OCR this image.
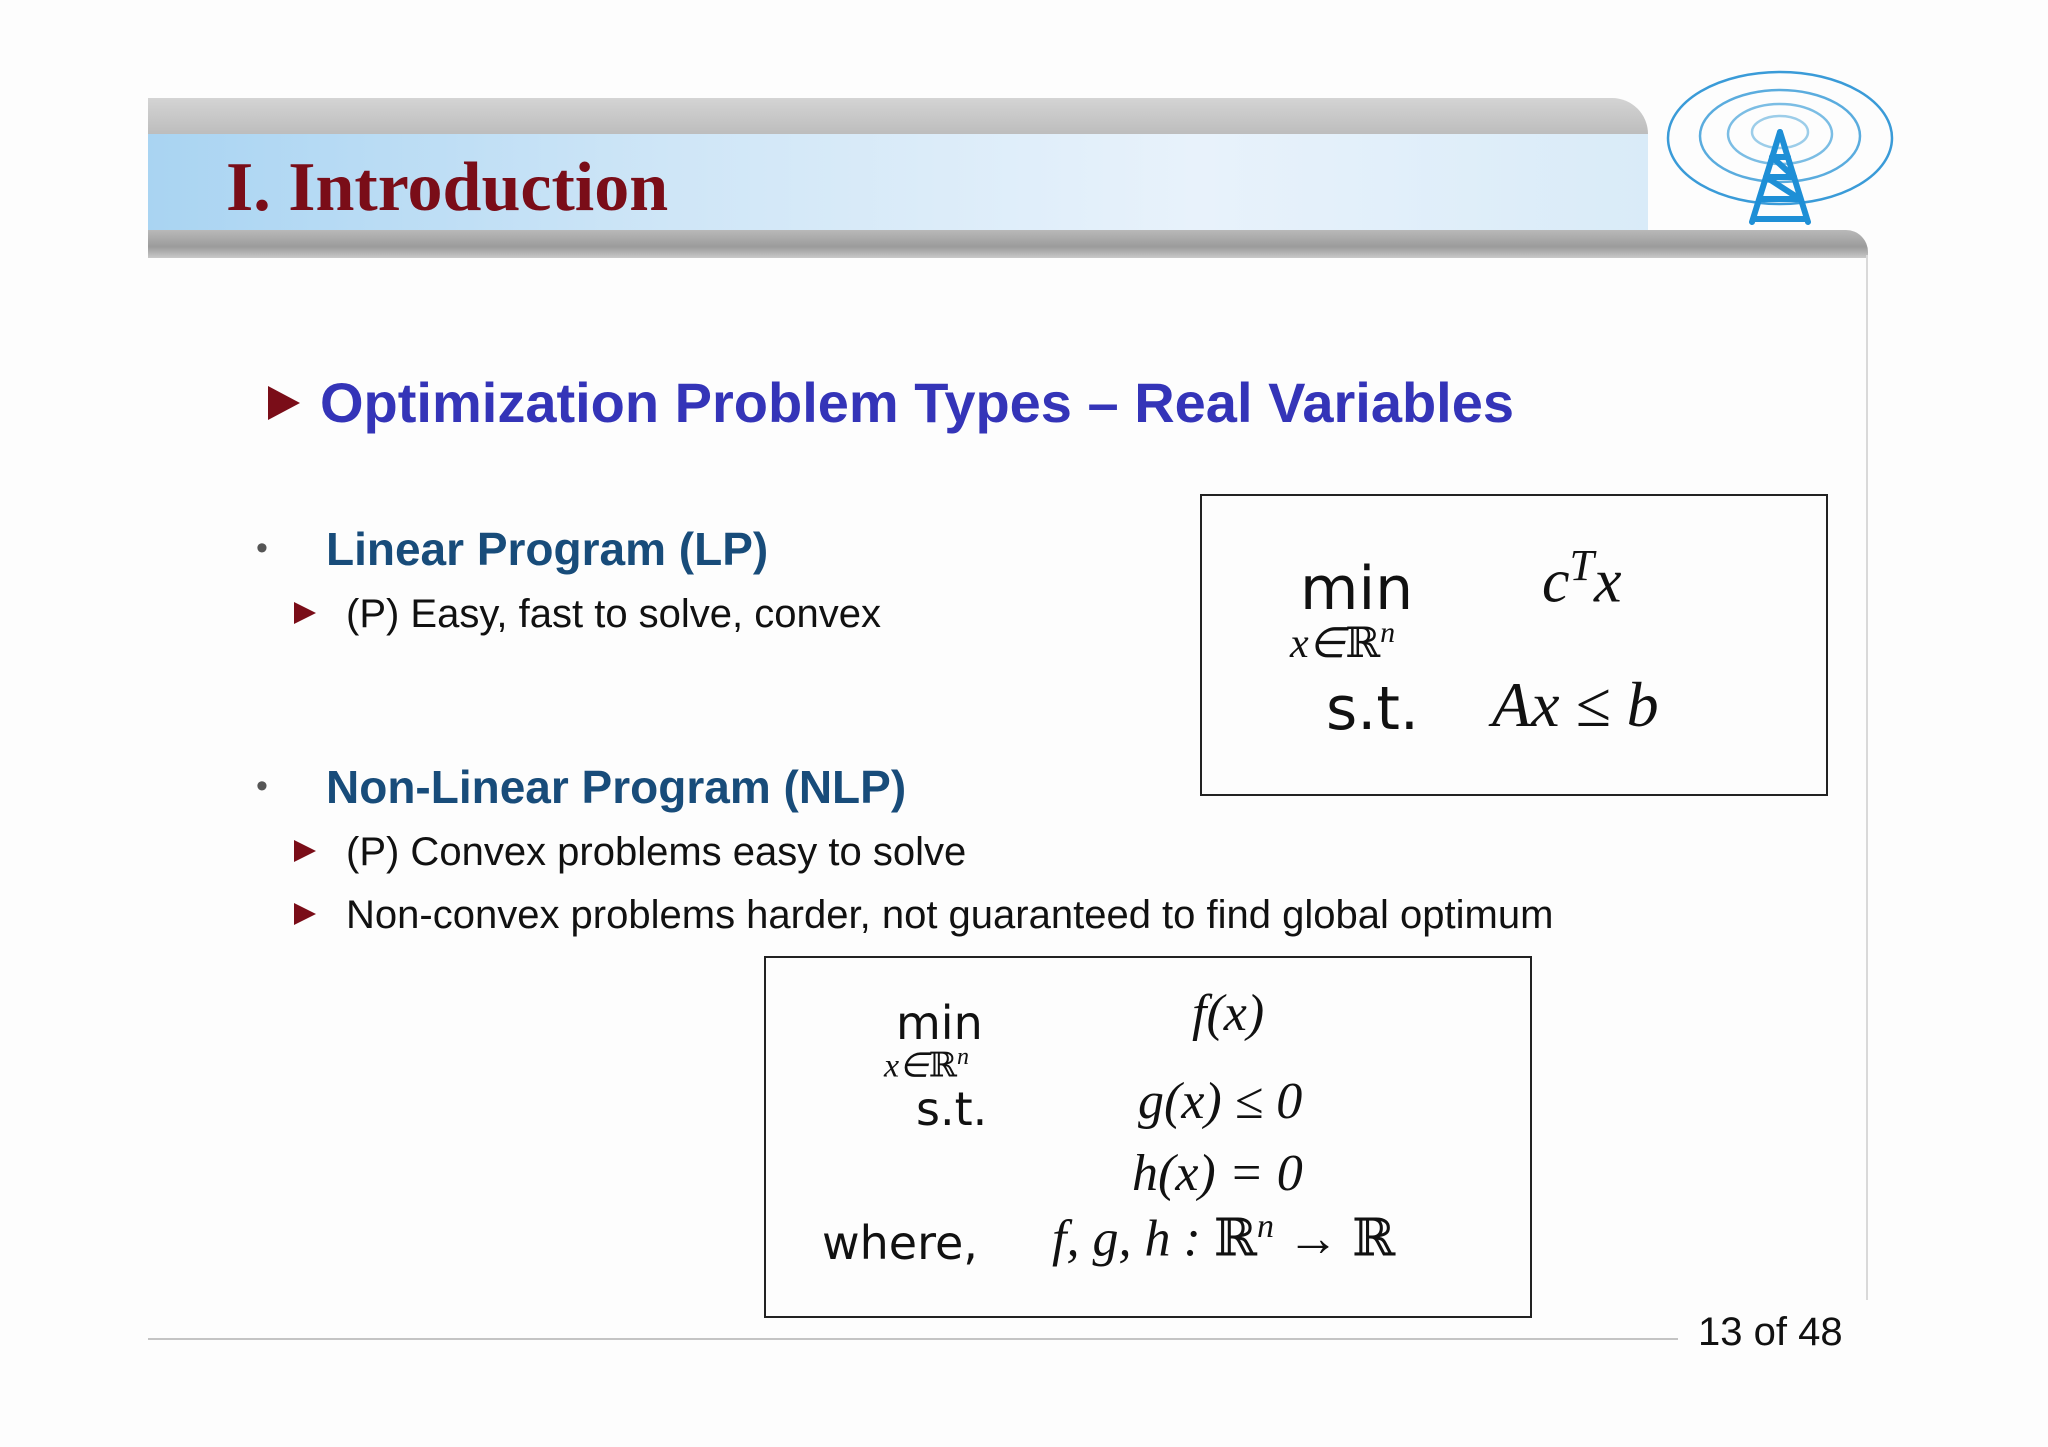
I. Introduction
Optimization Problem Types – Real Variables
• Linear Program (LP)
(P) Easy, fast to solve, convex
• Non-Linear Program (NLP)
(P) Convex problems easy to solve
Non-convex problems harder, not guaranteed to find global optimum
min
x∈ℝ$^n$
$c^Tx$
s.t. Ax ≤ b
min
x∈ℝ$^n$
f(x)
s.t.	g(x) ≤ 0
h(x) = 0
where, f, g, h : ℝ$^n$ → ℝ
13 of 48
